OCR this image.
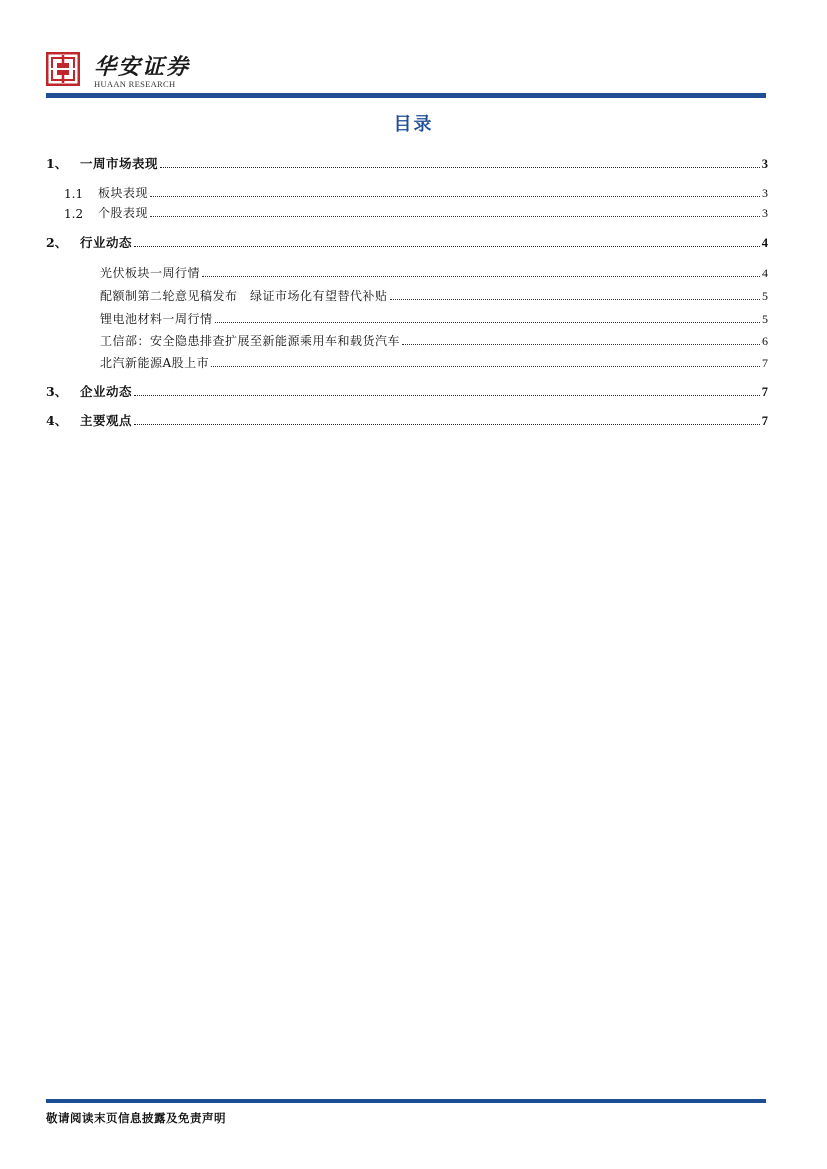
华安证券
HUAAN RESEARCH
目录
1、	一周市场表现	3
1.1	板块表现	3
1.2	个股表现	3
2、	行业动态	4
光伏板块一周行情	4
配额制第二轮意见稿发布　绿证市场化有望替代补贴	5
锂电池材料一周行情	5
工信部：安全隐患排查扩展至新能源乘用车和载货汽车	6
北汽新能源A股上市	7
3、	企业动态	7
4、	主要观点	7
敬请阅读末页信息披露及免责声明
